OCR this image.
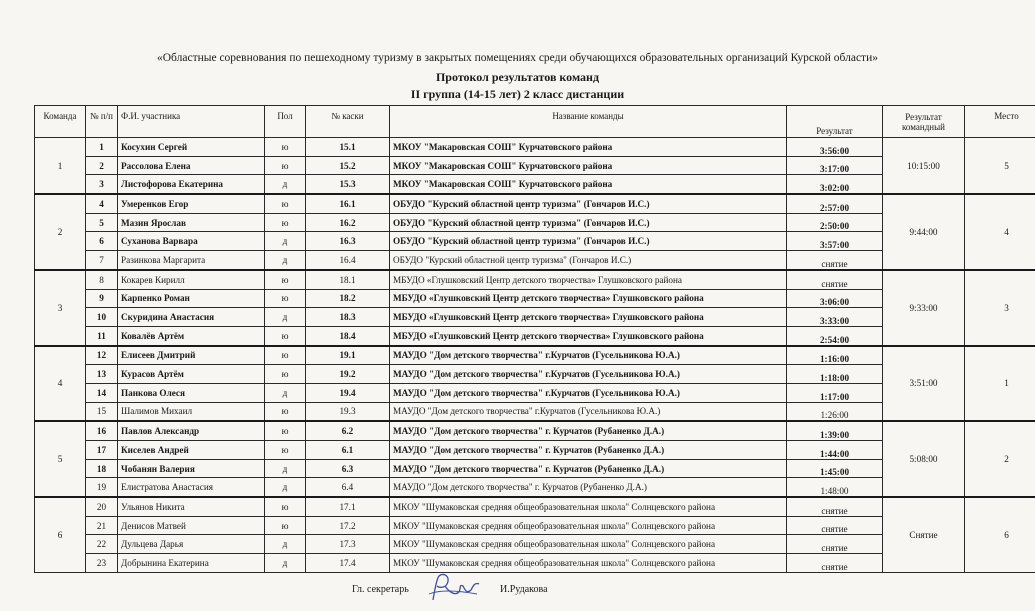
«Областные соревнования по пешеходному туризму в закрытых помещениях среди обучающихся образовательных организаций Курской области»
Протокол результатов команд
II группа (14-15 лет) 2 класс дистанции
Команда	№ п/п	Ф.И. участника	Пол	№ каски	Название команды	Результат	Результат командный	Место
1	1	Косухин Сергей	ю	15.1	МКОУ "Макаровская СОШ" Курчатовского района	3:56:00	10:15:00	5
	2	Рассолова Елена	ю	15.2	МКОУ "Макаровская СОШ" Курчатовского района	3:17:00		
	3	Листофорова Екатерина	д	15.3	МКОУ "Макаровская СОШ" Курчатовского района	3:02:00		
2	4	Умеренков Егор	ю	16.1	ОБУДО "Курский областной центр туризма" (Гончаров И.С.)	2:57:00	9:44:00	4
	5	Мазин Ярослав	ю	16.2	ОБУДО "Курский областной центр туризма" (Гончаров И.С.)	2:50:00		
	6	Суханова Варвара	д	16.3	ОБУДО "Курский областной центр туризма" (Гончаров И.С.)	3:57:00		
	7	Разинкова Маргарита	д	16.4	ОБУДО "Курский областной центр туризма" (Гончаров И.С.)	снятие		
3	8	Кокарев Кирилл	ю	18.1	МБУДО «Глушковский Центр детского творчества» Глушковского района	снятие	9:33:00	3
	9	Карпенко Роман	ю	18.2	МБУДО «Глушковский Центр детского творчества» Глушковского района	3:06:00		
	10	Скуридина Анастасия	д	18.3	МБУДО «Глушковский Центр детского творчества» Глушковского района	3:33:00		
	11	Ковалёв Артём	ю	18.4	МБУДО «Глушковский Центр детского творчества» Глушковского района	2:54:00		
4	12	Елисеев Дмитрий	ю	19.1	МАУДО "Дом детского творчества" г.Курчатов (Гусельникова Ю.А.)	1:16:00	3:51:00	1
	13	Курасов Артём	ю	19.2	МАУДО "Дом детского творчества" г.Курчатов (Гусельникова Ю.А.)	1:18:00		
	14	Панкова Олеся	д	19.4	МАУДО "Дом детского творчества" г.Курчатов (Гусельникова Ю.А.)	1:17:00		
	15	Шалимов Михаил	ю	19.3	МАУДО "Дом детского творчества" г.Курчатов (Гусельникова Ю.А.)	1:26:00		
5	16	Павлов Александр	ю	6.2	МАУДО "Дом детского творчества" г. Курчатов (Рубаненко Д.А.)	1:39:00	5:08:00	2
	17	Киселев Андрей	ю	6.1	МАУДО "Дом детского творчества" г. Курчатов (Рубаненко Д.А.)	1:44:00		
	18	Чобанян Валерия	д	6.3	МАУДО "Дом детского творчества" г. Курчатов (Рубаненко Д.А.)	1:45:00		
	19	Елистратова Анастасия	д	6.4	МАУДО "Дом детского творчества" г. Курчатов (Рубаненко Д.А.)	1:48:00		
6	20	Ульянов Никита	ю	17.1	МКОУ "Шумаковская средняя общеобразовательная школа" Солнцевского района	снятие	Снятие	6
	21	Денисов Матвей	ю	17.2	МКОУ "Шумаковская средняя общеобразовательная школа" Солнцевского района	снятие		
	22	Дульцева Дарья	д	17.3	МКОУ "Шумаковская средняя общеобразовательная школа" Солнцевского района	снятие		
	23	Добрынина Екатерина	д	17.4	МКОУ "Шумаковская средняя общеобразовательная школа" Солнцевского района	снятие		
Гл. секретарь	И.Рудакова
